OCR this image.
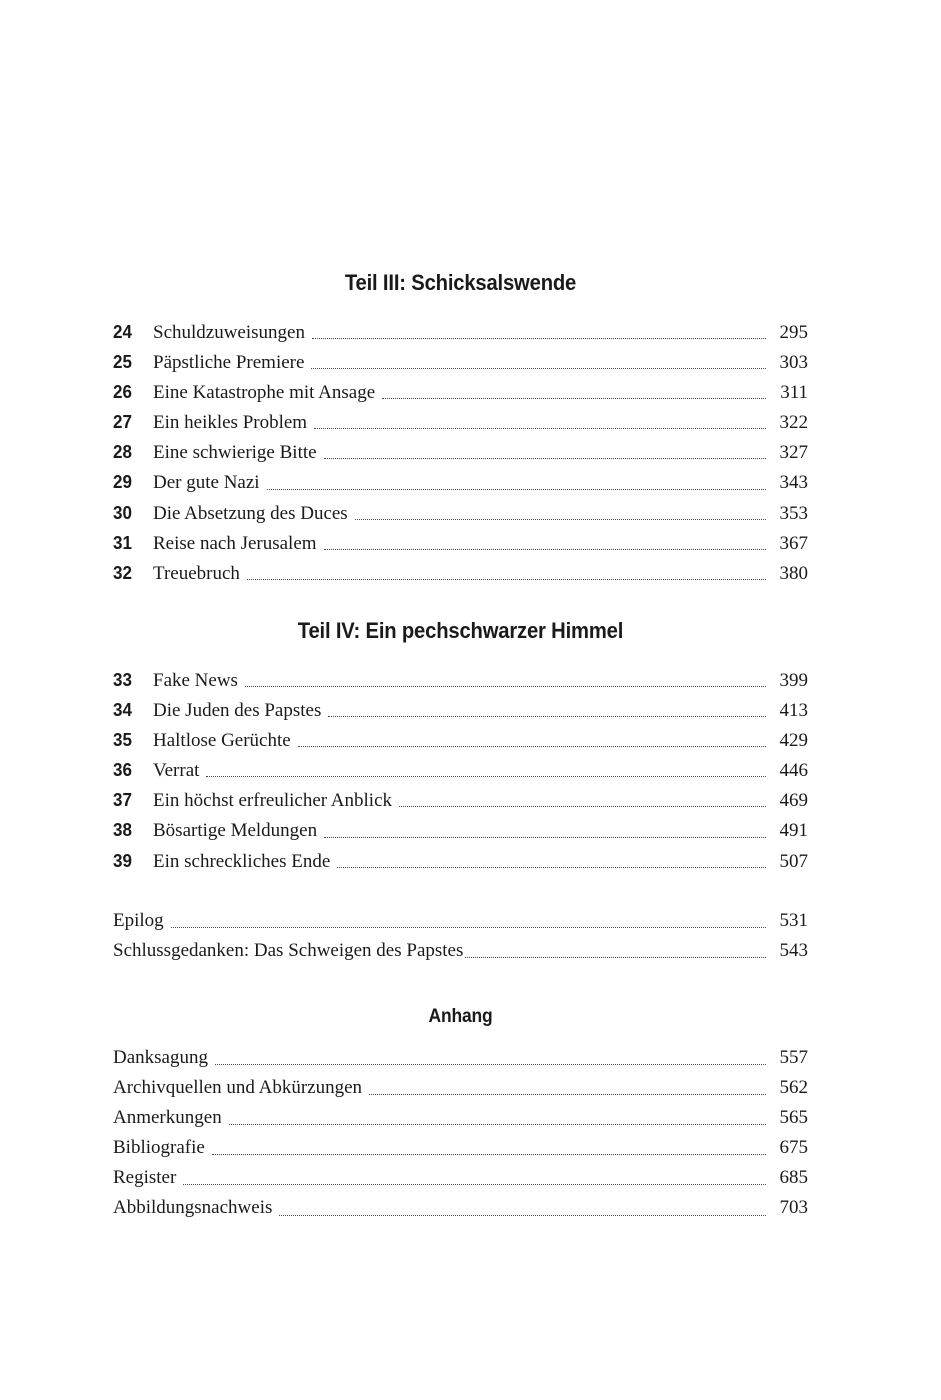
Teil III: Schicksalswende
24	Schuldzuweisungen	295
25	Päpstliche Premiere	303
26	Eine Katastrophe mit Ansage	311
27	Ein heikles Problem	322
28	Eine schwierige Bitte	327
29	Der gute Nazi	343
30	Die Absetzung des Duces	353
31	Reise nach Jerusalem	367
32	Treuebruch	380
Teil IV: Ein pechschwarzer Himmel
33	Fake News	399
34	Die Juden des Papstes	413
35	Haltlose Gerüchte	429
36	Verrat	446
37	Ein höchst erfreulicher Anblick	469
38	Bösartige Meldungen	491
39	Ein schreckliches Ende	507
Epilog	531
Schlussgedanken: Das Schweigen des Papstes	543
Anhang
Danksagung	557
Archivquellen und Abkürzungen	562
Anmerkungen	565
Bibliografie	675
Register	685
Abbildungsnachweis	703
